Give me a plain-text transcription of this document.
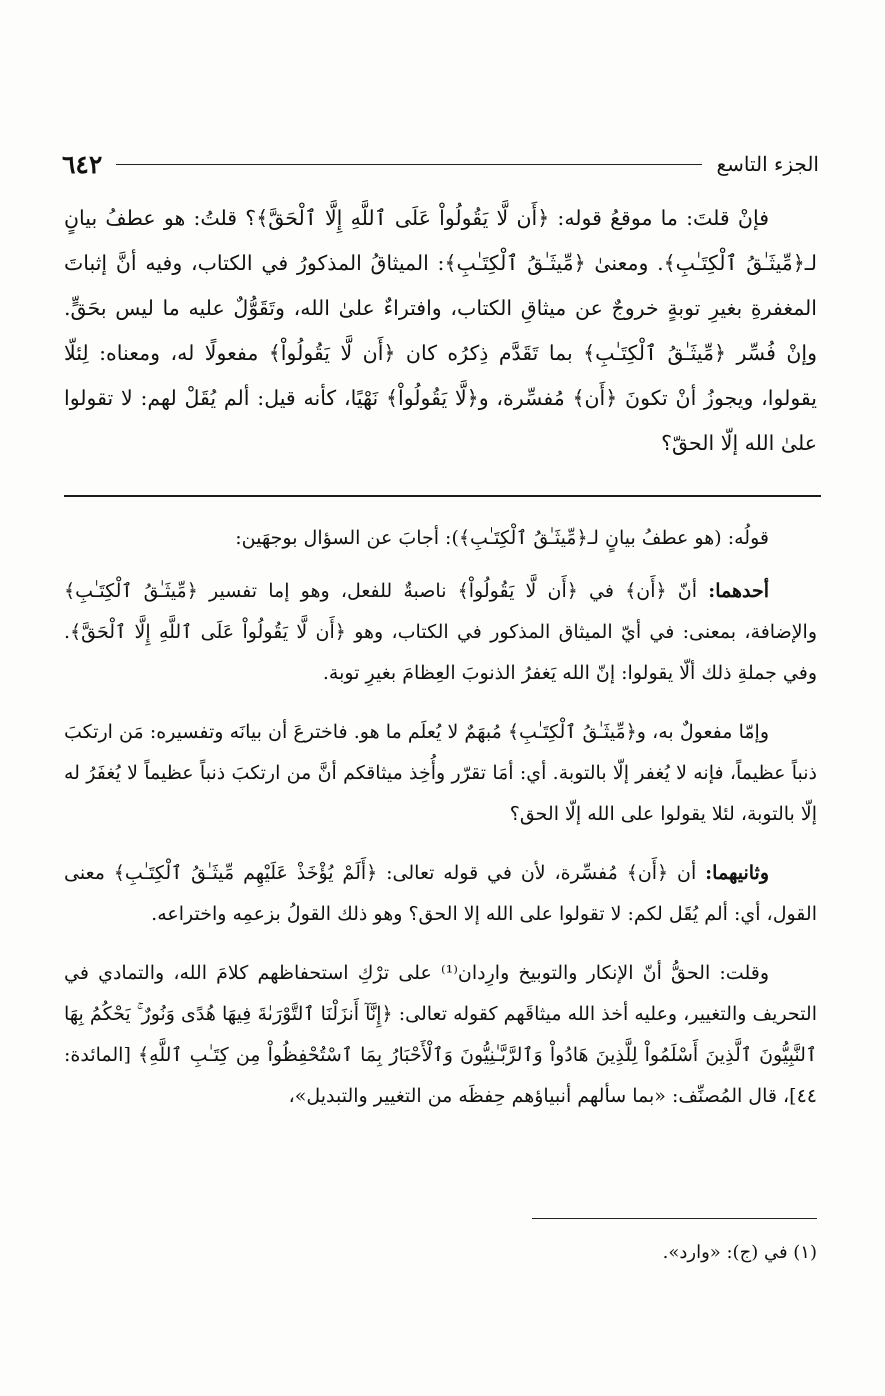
٦٤٢	الجزء التاسع

فإنْ قلتَ: ما موقعُ قوله: ﴿أَن لَّا يَقُولُواْ عَلَى ٱللَّهِ إِلَّا ٱلْحَقَّ﴾؟ قلتُ: هو عطفُ بيانٍ لـ﴿مِّيثَـٰقُ ٱلْكِتَـٰبِ﴾. ومعنىٰ ﴿مِّيثَـٰقُ ٱلْكِتَـٰبِ﴾: الميثاقُ المذكورُ في الكتاب، وفيه أنَّ إثباتَ المغفرةِ بغيرِ توبةٍ خروجٌ عن ميثاقِ الكتاب، وافتراءٌ علىٰ الله، وتَقَوُّلٌ عليه ما ليس بحَقٍّ. وإنْ فُسِّر ﴿مِّيثَـٰقُ ٱلْكِتَـٰبِ﴾ بما تَقَدَّم ذِكرُه كان ﴿أَن لَّا يَقُولُواْ﴾ مفعولًا له، ومعناه: لِئلّا يقولوا، ويجوزُ أنْ تكونَ ﴿أَن﴾ مُفسِّرة، و﴿لَّا يَقُولُواْ﴾ نَهْيًا، كأنه قيل: ألم يُقَلْ لهم: لا تقولوا علىٰ الله إلّا الحقّ؟

قولُه: (هو عطفُ بيانٍ لـ﴿مِّيثَـٰقُ ٱلْكِتَـٰبِ﴾): أجابَ عن السؤال بوجهَين:

أحدهما: أنّ ﴿أَن﴾ في ﴿أَن لَّا يَقُولُواْ﴾ ناصبةٌ للفعل، وهو إما تفسير ﴿مِّيثَـٰقُ ٱلْكِتَـٰبِ﴾ والإضافة، بمعنى: في أيّ الميثاق المذكور في الكتاب، وهو ﴿أَن لَّا يَقُولُواْ عَلَى ٱللَّهِ إِلَّا ٱلْحَقَّ﴾. وفي جملةِ ذلك ألّا يقولوا: إنّ الله يَغفرُ الذنوبَ العِظامَ بغيرِ توبة.

وإمّا مفعولٌ به، و﴿مِّيثَـٰقُ ٱلْكِتَـٰبِ﴾ مُبهَمٌ لا يُعلَم ما هو. فاخترعَ أن بيانَه وتفسيره: مَن ارتكبَ ذنباً عظيماً، فإنه لا يُغفر إلّا بالتوبة. أي: أمَا تقرّر وأُخِذ ميثاقكم أنَّ من ارتكبَ ذنباً عظيماً لا يُغفَرُ له إلّا بالتوبة، لئلا يقولوا على الله إلّا الحق؟

وثانيهما: أن ﴿أَن﴾ مُفسِّرة، لأن في قوله تعالى: ﴿أَلَمْ يُؤْخَذْ عَلَيْهِم مِّيثَـٰقُ ٱلْكِتَـٰبِ﴾ معنى القول، أي: ألم يُقَل لكم: لا تقولوا على الله إلا الحق؟ وهو ذلك القولُ بزعمِه واختراعه.

وقلت: الحقُّ أنّ الإنكار والتوبيخ وارِدان⁽¹⁾ على ترْكِ استحفاظهم كلامَ الله، والتمادي في التحريف والتغيير، وعليه أخذ الله ميثاقَهم كقوله تعالى: ﴿إِنَّآ أَنزَلْنَا ٱلتَّوْرَىٰةَ فِيهَا هُدًى وَنُورٌ ۚ يَحْكُمُ بِهَا ٱلنَّبِيُّونَ ٱلَّذِينَ أَسْلَمُواْ لِلَّذِينَ هَادُواْ وَٱلرَّبَّـٰنِيُّونَ وَٱلْأَحْبَارُ بِمَا ٱسْتُحْفِظُواْ مِن كِتَـٰبِ ٱللَّهِ﴾ [المائدة: ٤٤]، قال المُصنِّف: «بما سألهم أنبياؤهم حِفظَه من التغيير والتبديل»،

(١) في (ج): «وارد».
